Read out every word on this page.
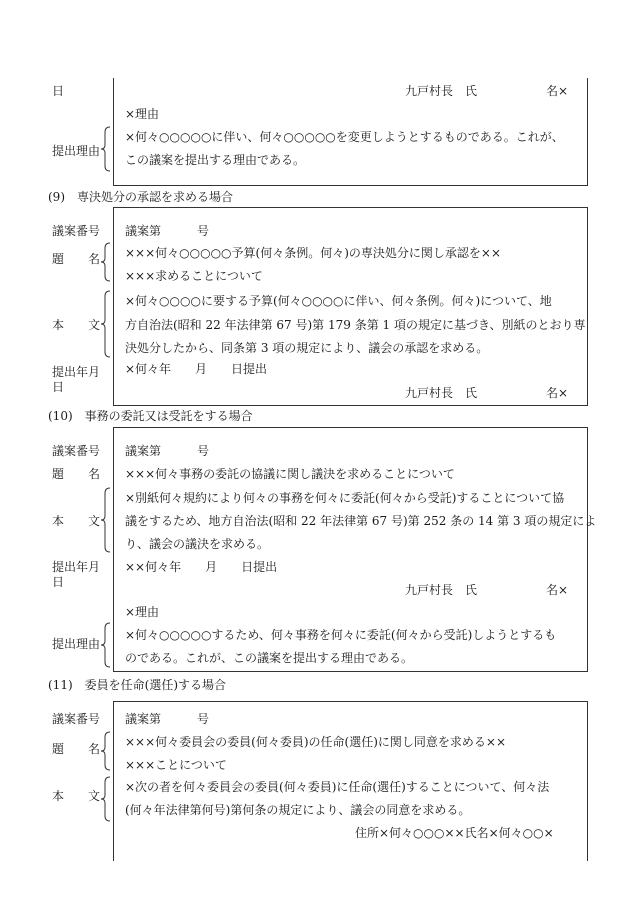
日	九戸村長　氏	名×
×理由
提出理由
×何々○○○○○に伴い、何々○○○○○を変更しようとするものである。これが、
この議案を提出する理由である。
(9)　専決処分の承認を求める場合
議案番号 議案第　　　号
題　　名 ×××何々○○○○○予算(何々条例。何々)の専決処分に関し承認を××
×××求めることについて
本　　文
×何々○○○○に要する予算(何々○○○○に伴い、何々条例。何々)について、地
方自治法(昭和 22 年法律第 67 号)第 179 条第 1 項の規定に基づき、別紙のとおり専
決処分したから、同条第 3 項の規定により、議会の承認を求める。
提出年月
日
×何々年　　月　　日提出
九戸村長　氏	名×
(10)　事務の委託又は受託をする場合
議案番号 議案第　　　号
題　　名 ×××何々事務の委託の協議に関し議決を求めることについて
本　　文
×別紙何々規約により何々の事務を何々に委託(何々から受託)することについて協
議をするため、地方自治法(昭和 22 年法律第 67 号)第 252 条の 14 第 3 項の規定によ
り、議会の議決を求める。
提出年月
日
××何々年　　月　　日提出
九戸村長　氏	名×
×理由
提出理由
×何々○○○○○するため、何々事務を何々に委託(何々から受託)しようとするも
のである。これが、この議案を提出する理由である。
(11)　委員を任命(選任)する場合
議案番号 議案第　　　号
題　　名 ×××何々委員会の委員(何々委員)の任命(選任)に関し同意を求める××
×××ことについて
本　　文
×次の者を何々委員会の委員(何々委員)に任命(選任)することについて、何々法
(何々年法律第何号)第何条の規定により、議会の同意を求める。
住所×何々○○○××氏名×何々○○×
